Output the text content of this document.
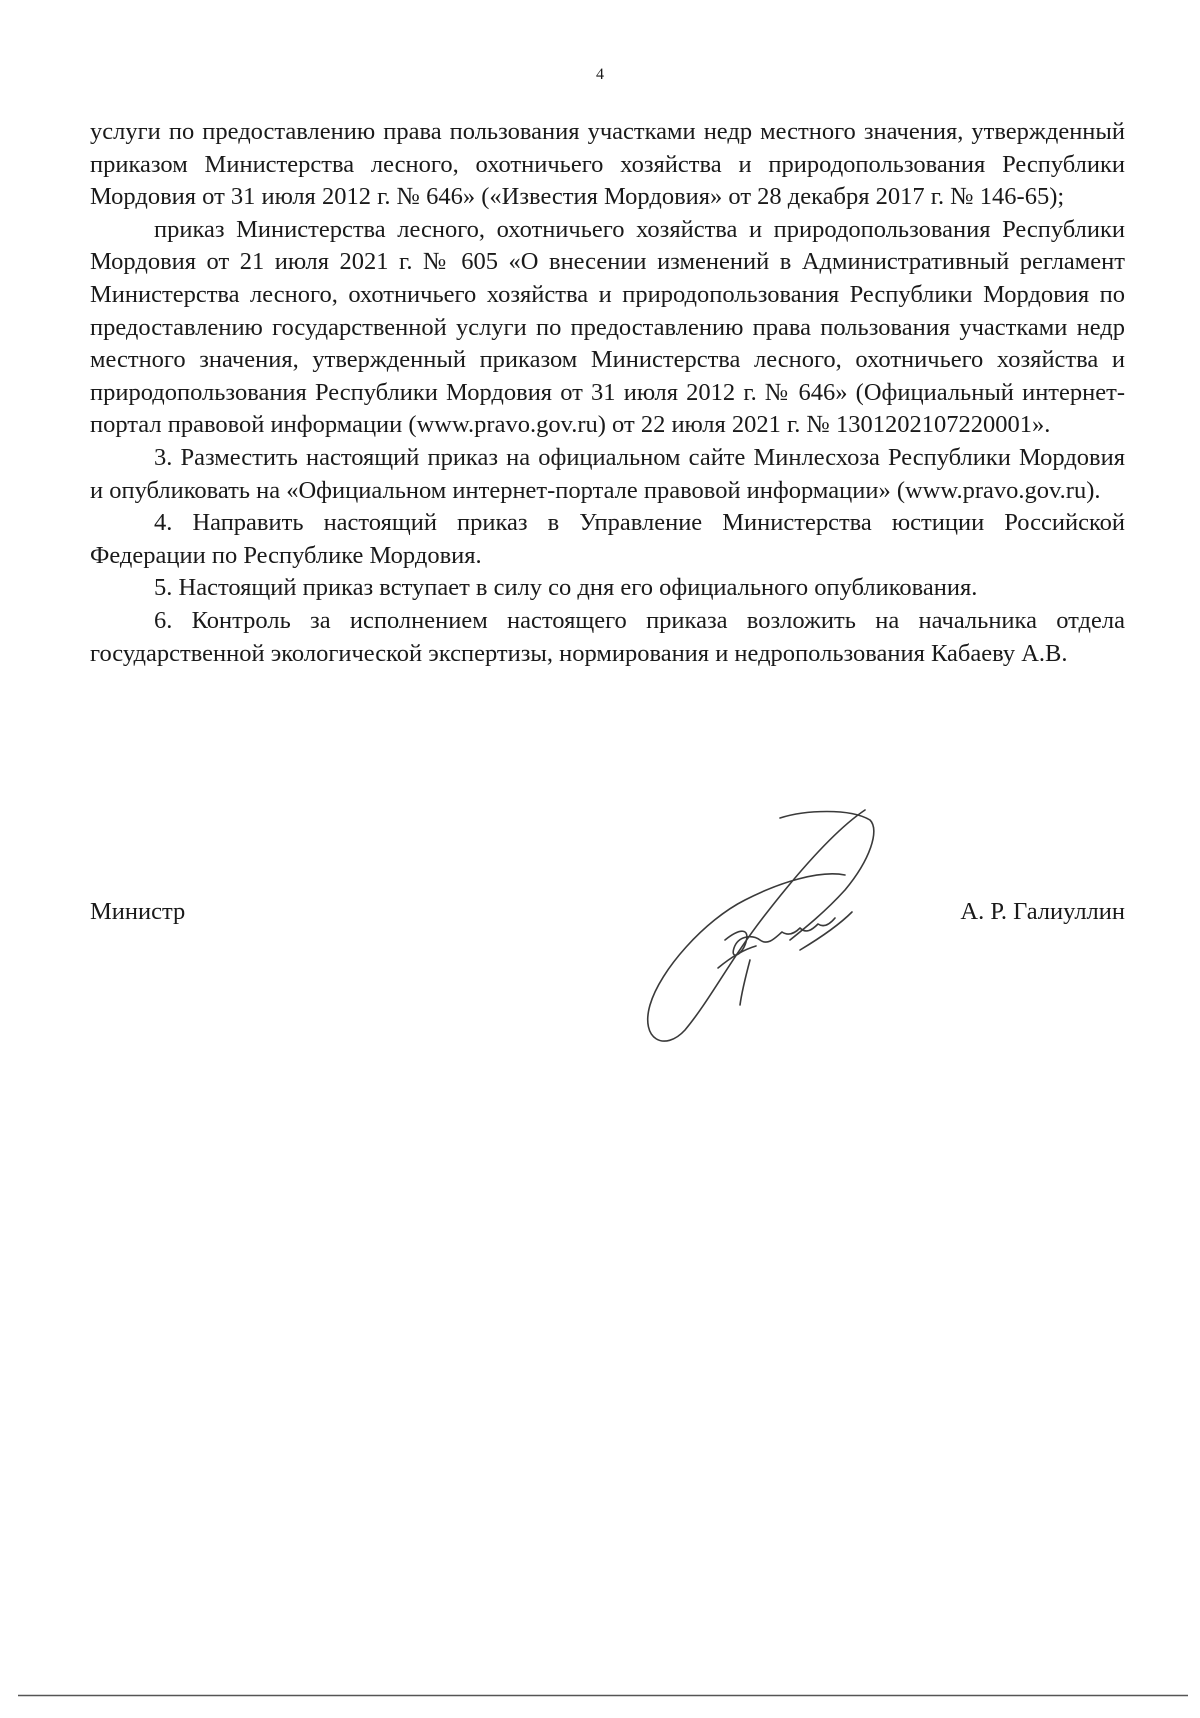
4

услуги по предоставлению права пользования участками недр местного значения, утвержденный приказом Министерства лесного, охотничьего хозяйства и природопользования Республики Мордовия от 31 июля 2012 г. № 646» («Известия Мордовия» от 28 декабря 2017 г. № 146-65);

приказ Министерства лесного, охотничьего хозяйства и природопользования Республики Мордовия от 21 июля 2021 г. № 605 «О внесении изменений в Административный регламент Министерства лесного, охотничьего хозяйства и природопользования Республики Мордовия по предоставлению государственной услуги по предоставлению права пользования участками недр местного значения, утвержденный приказом Министерства лесного, охотничьего хозяйства и природопользования Республики Мордовия от 31 июля 2012 г. № 646» (Официальный интернет-портал правовой информации (www.pravo.gov.ru) от 22 июля 2021 г. № 1301202107220001».

3. Разместить настоящий приказ на официальном сайте Минлесхоза Республики Мордовия и опубликовать на «Официальном интернет-портале правовой информации» (www.pravo.gov.ru).

4. Направить настоящий приказ в Управление Министерства юстиции Российской Федерации по Республике Мордовия.

5. Настоящий приказ вступает в силу со дня его официального опубликования.

6. Контроль за исполнением настоящего приказа возложить на начальника отдела государственной экологической экспертизы, нормирования и недропользования Кабаеву А.В.

Министр	А. Р. Галиуллин
